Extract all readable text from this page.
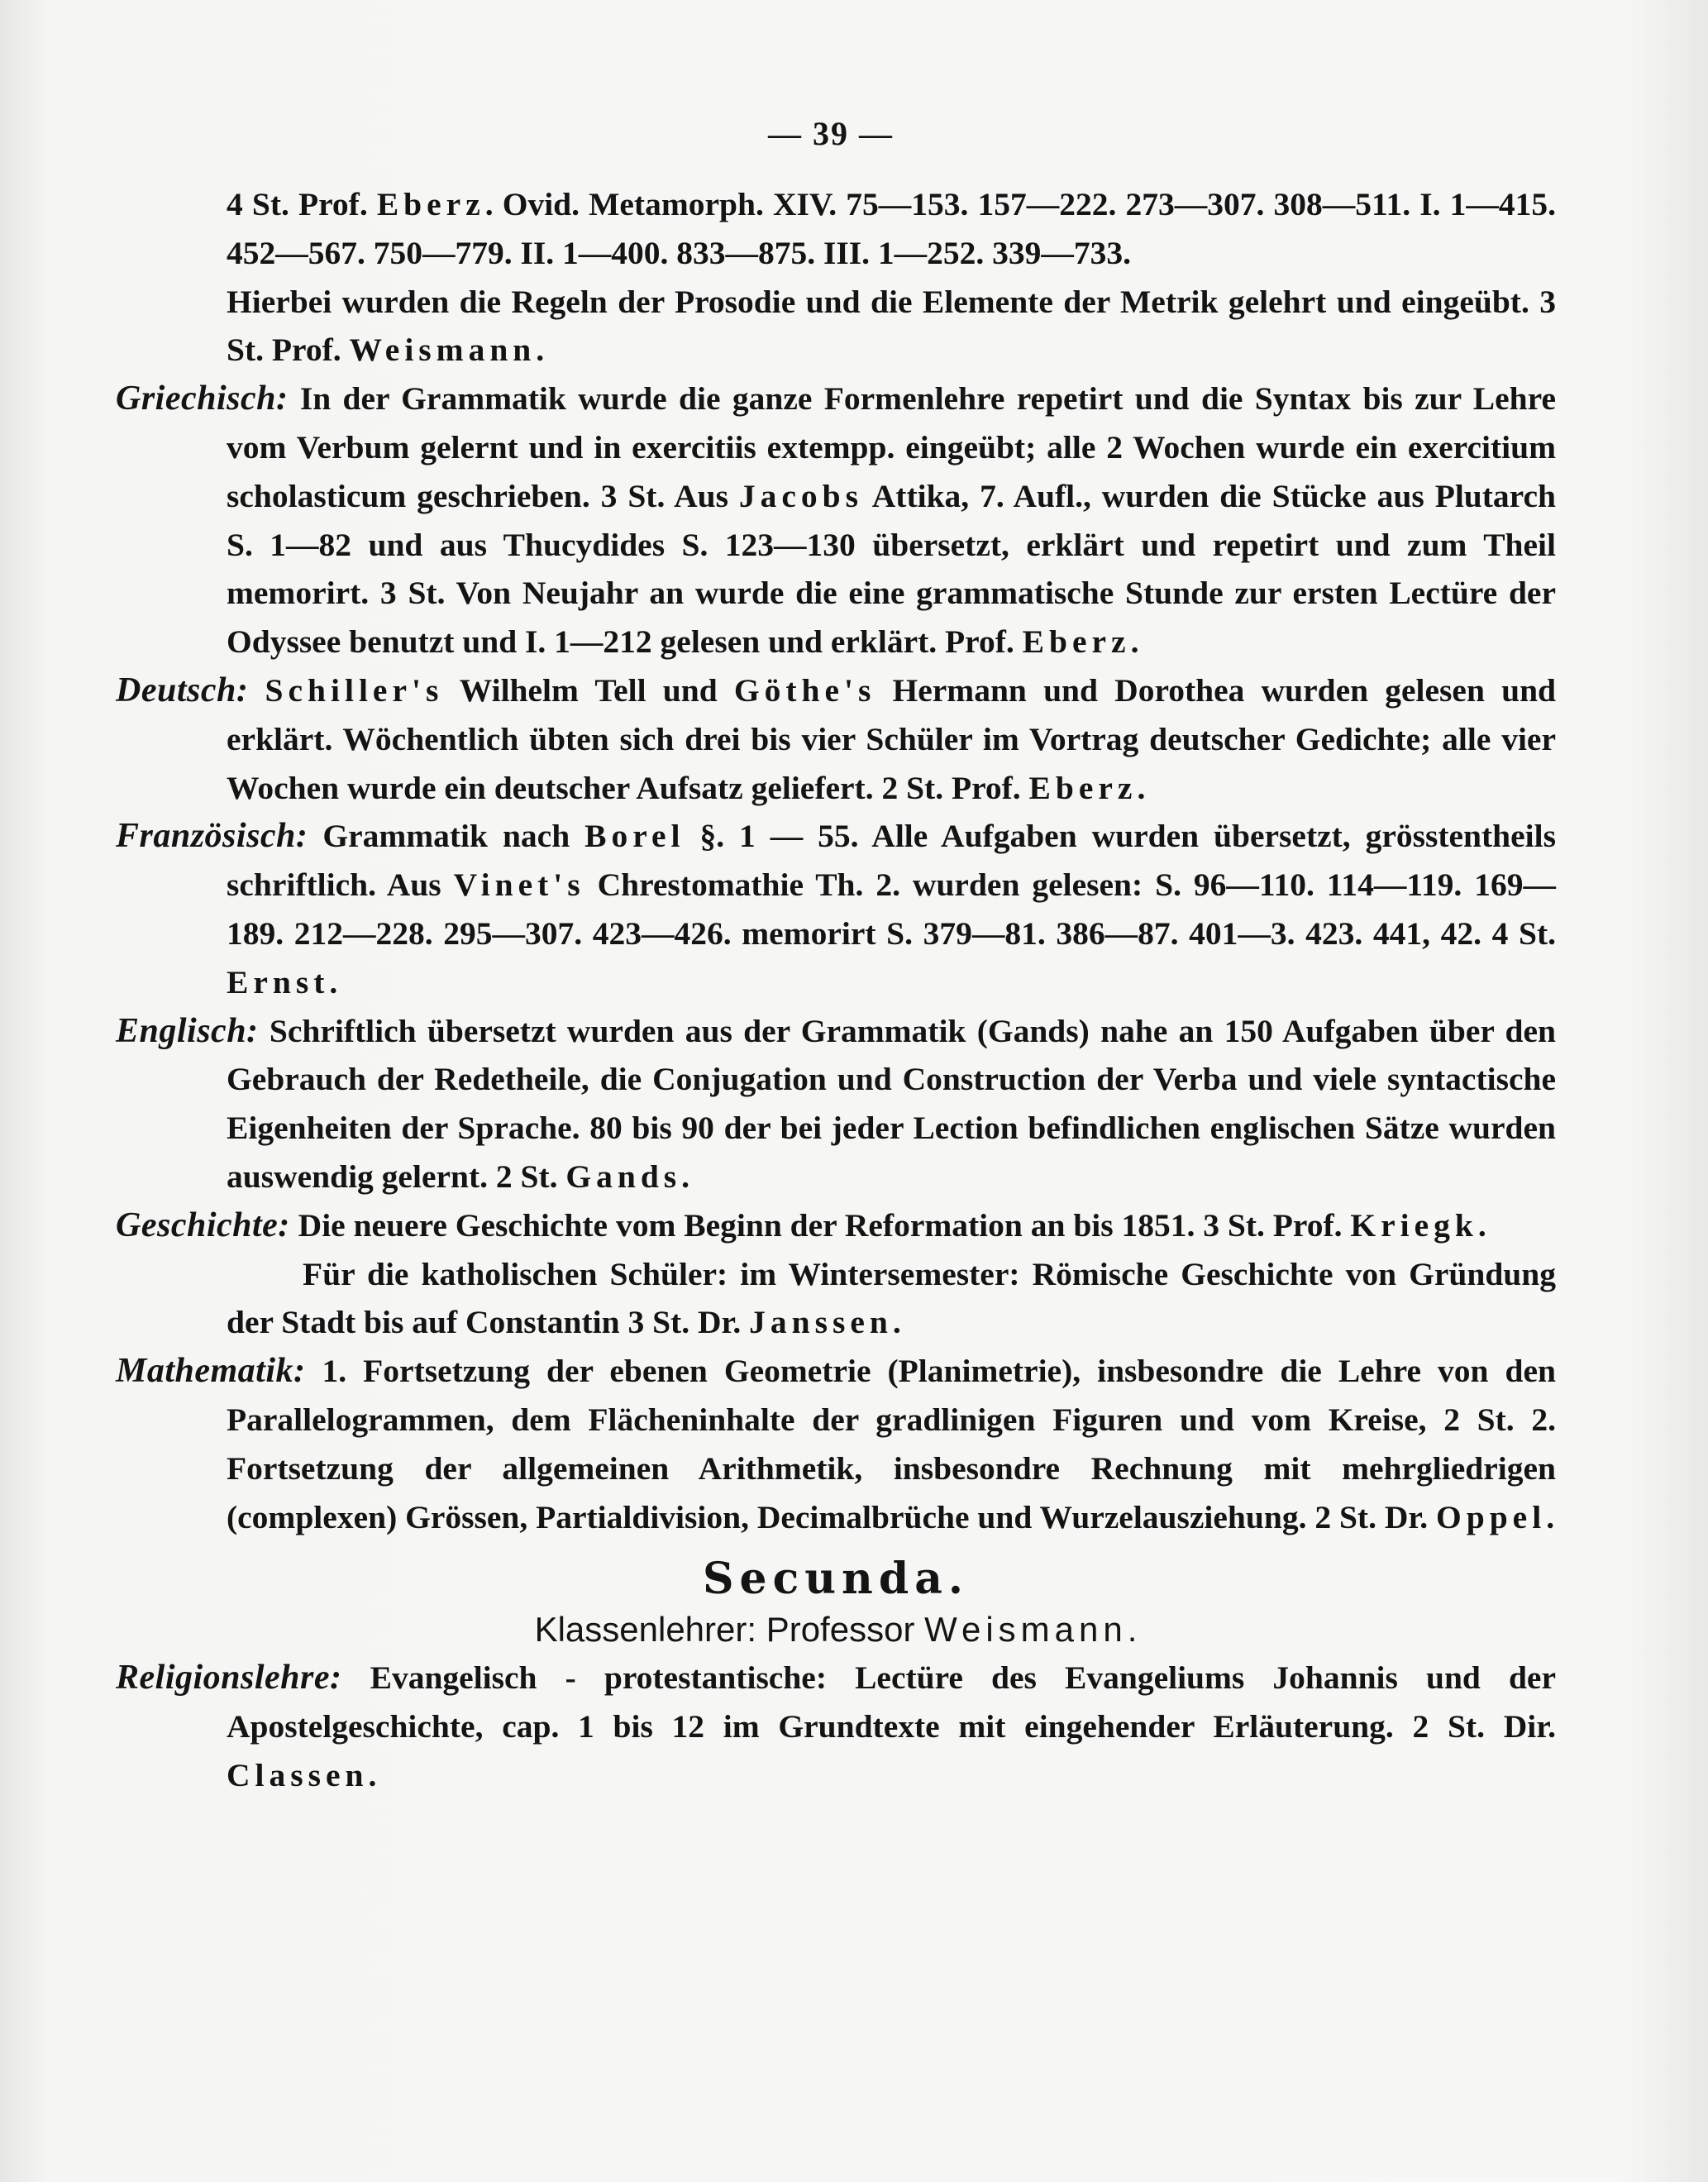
— 39 —

4 St. Prof. Eberz. Ovid. Metamorph. XIV. 75—153. 157—222. 273—307. 308—511. I. 1—415. 452—567. 750—779. II. 1—400. 833—875. III. 1—252. 339—733.

Hierbei wurden die Regeln der Prosodie und die Elemente der Metrik gelehrt und eingeübt. 3 St. Prof. Weismann.

Griechisch: In der Grammatik wurde die ganze Formenlehre repetirt und die Syntax bis zur Lehre vom Verbum gelernt und in exercitiis extempp. eingeübt; alle 2 Wochen wurde ein exercitium scholasticum geschrieben. 3 St. Aus Jacobs Attika, 7. Aufl., wurden die Stücke aus Plutarch S. 1—82 und aus Thucydides S. 123—130 übersetzt, erklärt und repetirt und zum Theil memorirt. 3 St. Von Neujahr an wurde die eine grammatische Stunde zur ersten Lectüre der Odyssee benutzt und I. 1—212 gelesen und erklärt. Prof. Eberz.

Deutsch: Schiller's Wilhelm Tell und Göthe's Hermann und Dorothea wurden gelesen und erklärt. Wöchentlich übten sich drei bis vier Schüler im Vortrag deutscher Gedichte; alle vier Wochen wurde ein deutscher Aufsatz geliefert. 2 St. Prof. Eberz.

Französisch: Grammatik nach Borel §. 1 — 55. Alle Aufgaben wurden übersetzt, grösstentheils schriftlich. Aus Vinet's Chrestomathie Th. 2. wurden gelesen: S. 96—110. 114—119. 169—189. 212—228. 295—307. 423—426. memorirt S. 379—81. 386—87. 401—3. 423. 441, 42. 4 St. Ernst.

Englisch: Schriftlich übersetzt wurden aus der Grammatik (Gands) nahe an 150 Aufgaben über den Gebrauch der Redetheile, die Conjugation und Construction der Verba und viele syntactische Eigenheiten der Sprache. 80 bis 90 der bei jeder Lection befindlichen englischen Sätze wurden auswendig gelernt. 2 St. Gands.

Geschichte: Die neuere Geschichte vom Beginn der Reformation an bis 1851. 3 St. Prof. Kriegk.

Für die katholischen Schüler: im Wintersemester: Römische Geschichte von Gründung der Stadt bis auf Constantin 3 St. Dr. Janssen.

Mathematik: 1. Fortsetzung der ebenen Geometrie (Planimetrie), insbesondre die Lehre von den Parallelogrammen, dem Flächeninhalte der gradlinigen Figuren und vom Kreise, 2 St. 2. Fortsetzung der allgemeinen Arithmetik, insbesondre Rechnung mit mehrgliedrigen (complexen) Grössen, Partialdivision, Decimalbrüche und Wurzelausziehung. 2 St. Dr. Oppel.

Secunda.

Klassenlehrer: Professor Weismann.

Religionslehre: Evangelisch - protestantische: Lectüre des Evangeliums Johannis und der Apostelgeschichte, cap. 1 bis 12 im Grundtexte mit eingehender Erläuterung. 2 St. Dir. Classen.
